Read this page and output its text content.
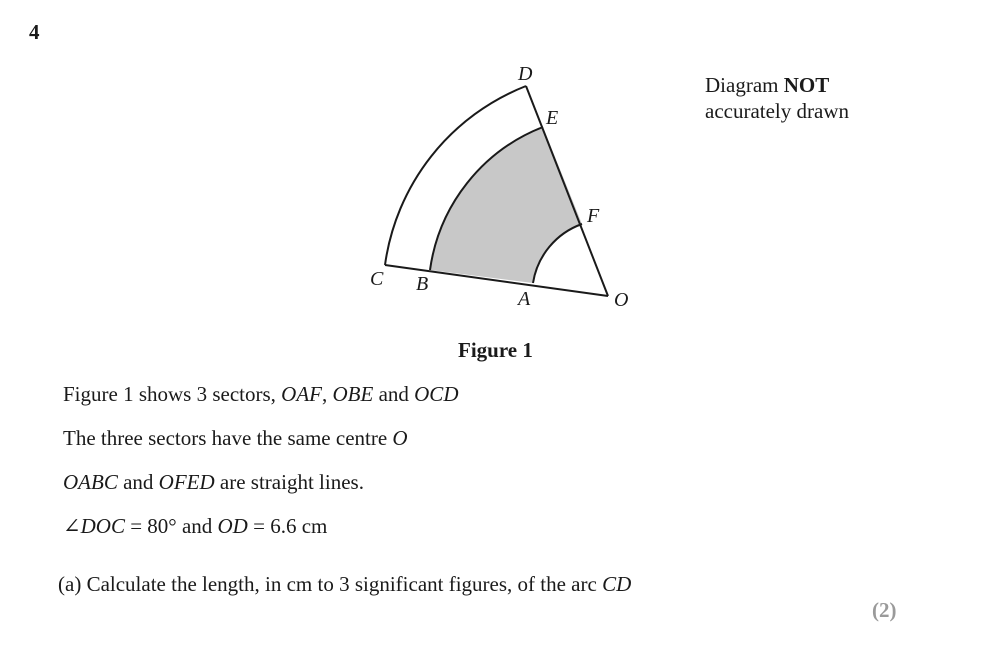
4
D
E
F
C B
A	O
Diagram NOT
accurately drawn
Figure 1
Figure 1 shows 3 sectors, OAF, OBE and OCD
The three sectors have the same centre O
OABC and OFED are straight lines.
∠DOC = 80° and OD = 6.6 cm
(a) Calculate the length, in cm to 3 significant figures, of the arc CD
(2)
